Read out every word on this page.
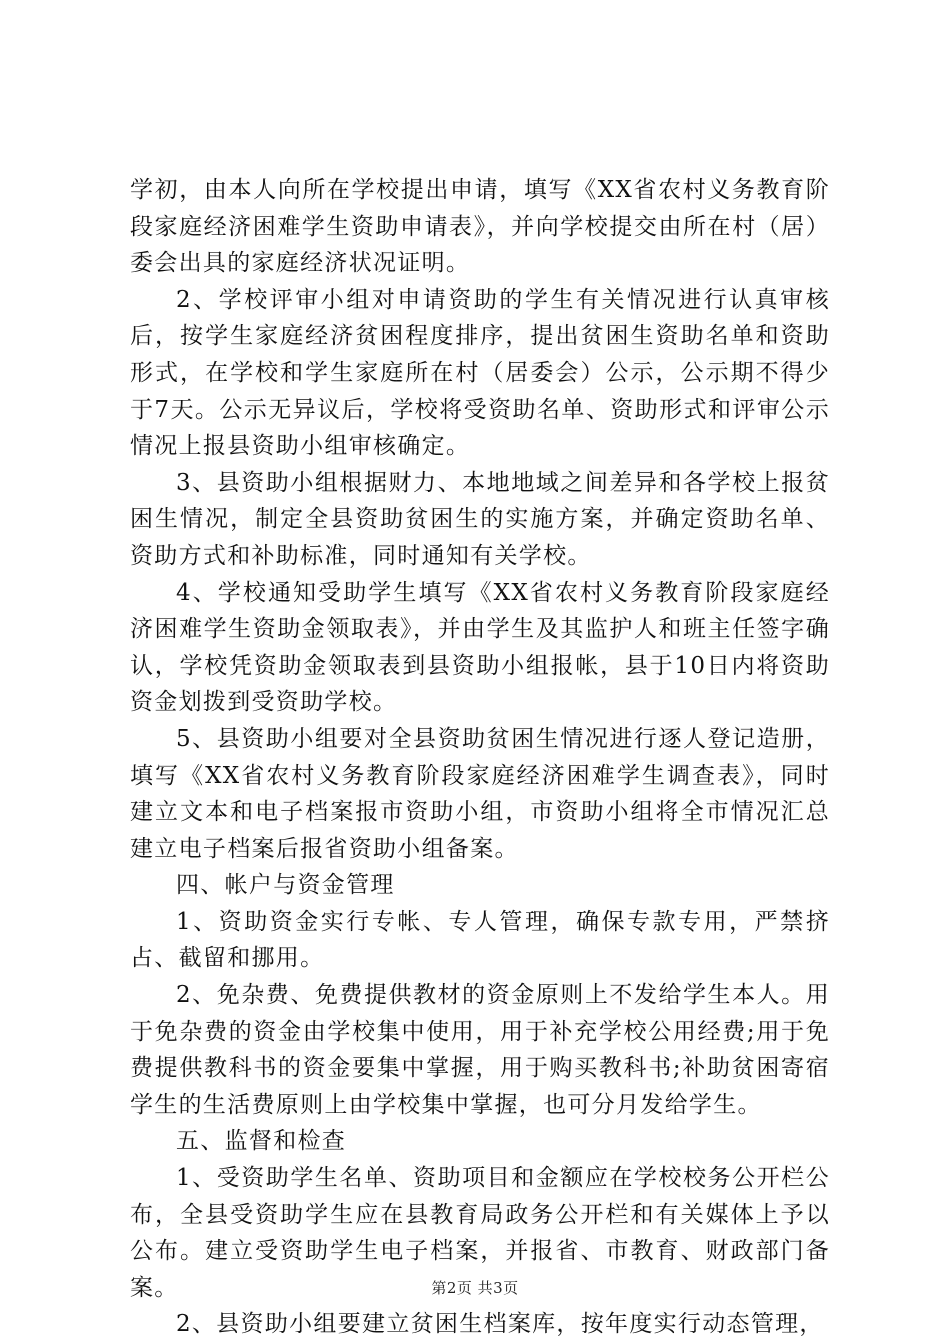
学初，由本人向所在学校提出申请，填写《XX省农村义务教育阶段家庭经济困难学生资助申请表》，并向学校提交由所在村（居）委会出具的家庭经济状况证明。

2、学校评审小组对申请资助的学生有关情况进行认真审核后，按学生家庭经济贫困程度排序，提出贫困生资助名单和资助形式，在学校和学生家庭所在村（居委会）公示，公示期不得少于7天。公示无异议后，学校将受资助名单、资助形式和评审公示情况上报县资助小组审核确定。

3、县资助小组根据财力、本地地域之间差异和各学校上报贫困生情况，制定全县资助贫困生的实施方案，并确定资助名单、资助方式和补助标准，同时通知有关学校。

4、学校通知受助学生填写《XX省农村义务教育阶段家庭经济困难学生资助金领取表》，并由学生及其监护人和班主任签字确认，学校凭资助金领取表到县资助小组报帐，县于10日内将资助资金划拨到受资助学校。

5、县资助小组要对全县资助贫困生情况进行逐人登记造册，填写《XX省农村义务教育阶段家庭经济困难学生调查表》，同时建立文本和电子档案报市资助小组，市资助小组将全市情况汇总建立电子档案后报省资助小组备案。

四、帐户与资金管理

1、资助资金实行专帐、专人管理，确保专款专用，严禁挤占、截留和挪用。

2、免杂费、免费提供教材的资金原则上不发给学生本人。用于免杂费的资金由学校集中使用，用于补充学校公用经费;用于免费提供教科书的资金要集中掌握，用于购买教科书;补助贫困寄宿学生的生活费原则上由学校集中掌握，也可分月发给学生。

五、监督和检查

1、受资助学生名单、资助项目和金额应在学校校务公开栏公布，全县受资助学生应在县教育局政务公开栏和有关媒体上予以公布。建立受资助学生电子档案，并报省、市教育、财政部门备案。

2、县资助小组要建立贫困生档案库，按年度实行动态管理，

第2页 共3页
